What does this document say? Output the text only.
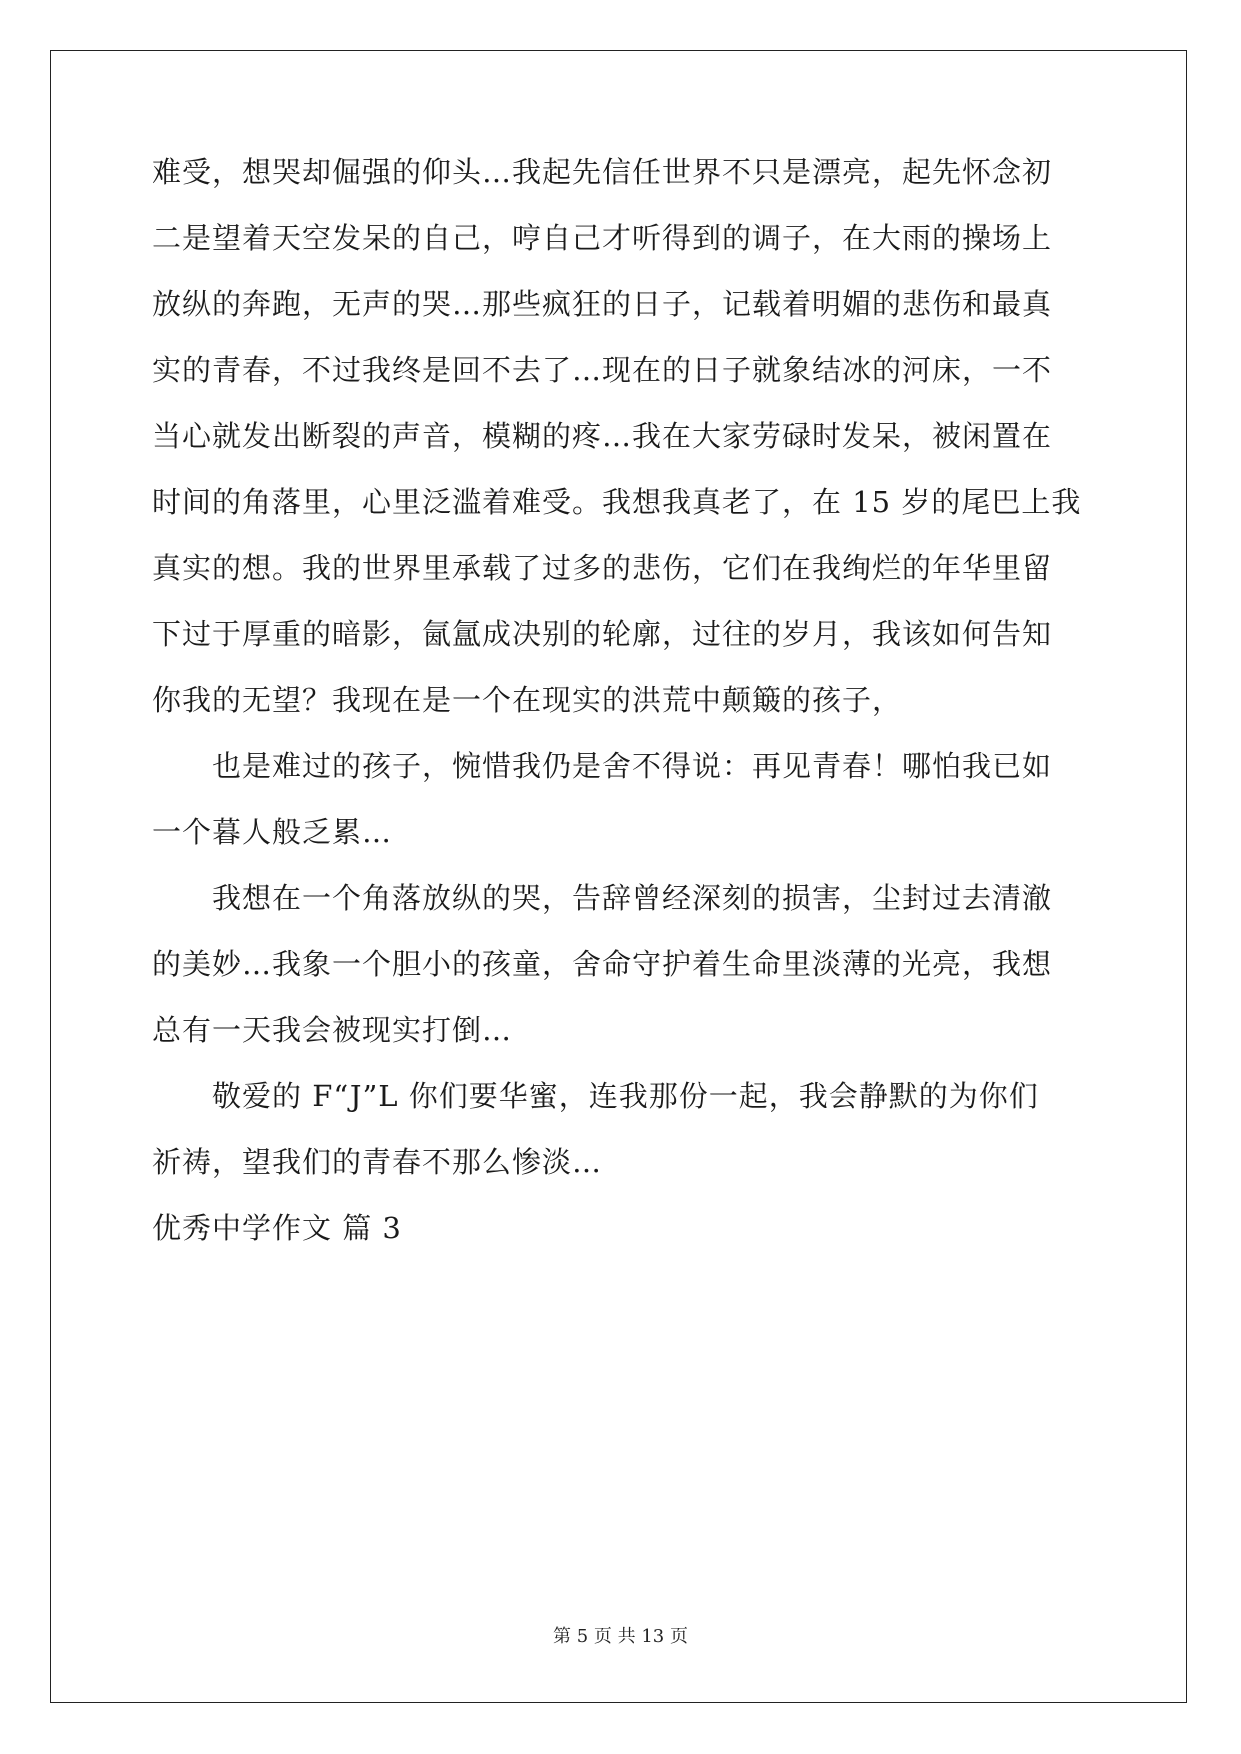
难受，想哭却倔强的仰头…我起先信任世界不只是漂亮，起先怀念初
二是望着天空发呆的自己，哼自己才听得到的调子，在大雨的操场上
放纵的奔跑，无声的哭…那些疯狂的日子，记载着明媚的悲伤和最真
实的青春，不过我终是回不去了…现在的日子就象结冰的河床，一不
当心就发出断裂的声音，模糊的疼…我在大家劳碌时发呆，被闲置在
时间的角落里，心里泛滥着难受。我想我真老了，在 15 岁的尾巴上我
真实的想。我的世界里承载了过多的悲伤，它们在我绚烂的年华里留
下过于厚重的暗影，氤氲成决别的轮廓，过往的岁月，我该如何告知
你我的无望？我现在是一个在现实的洪荒中颠簸的孩子，
也是难过的孩子，惋惜我仍是舍不得说：再见青春！哪怕我已如
一个暮人般乏累…
我想在一个角落放纵的哭，告辞曾经深刻的损害，尘封过去清澈
的美妙…我象一个胆小的孩童，舍命守护着生命里淡薄的光亮，我想
总有一天我会被现实打倒…
敬爱的 F“J”L 你们要华蜜，连我那份一起，我会静默的为你们
祈祷，望我们的青春不那么惨淡…
优秀中学作文 篇 3
第 5 页 共 13 页
